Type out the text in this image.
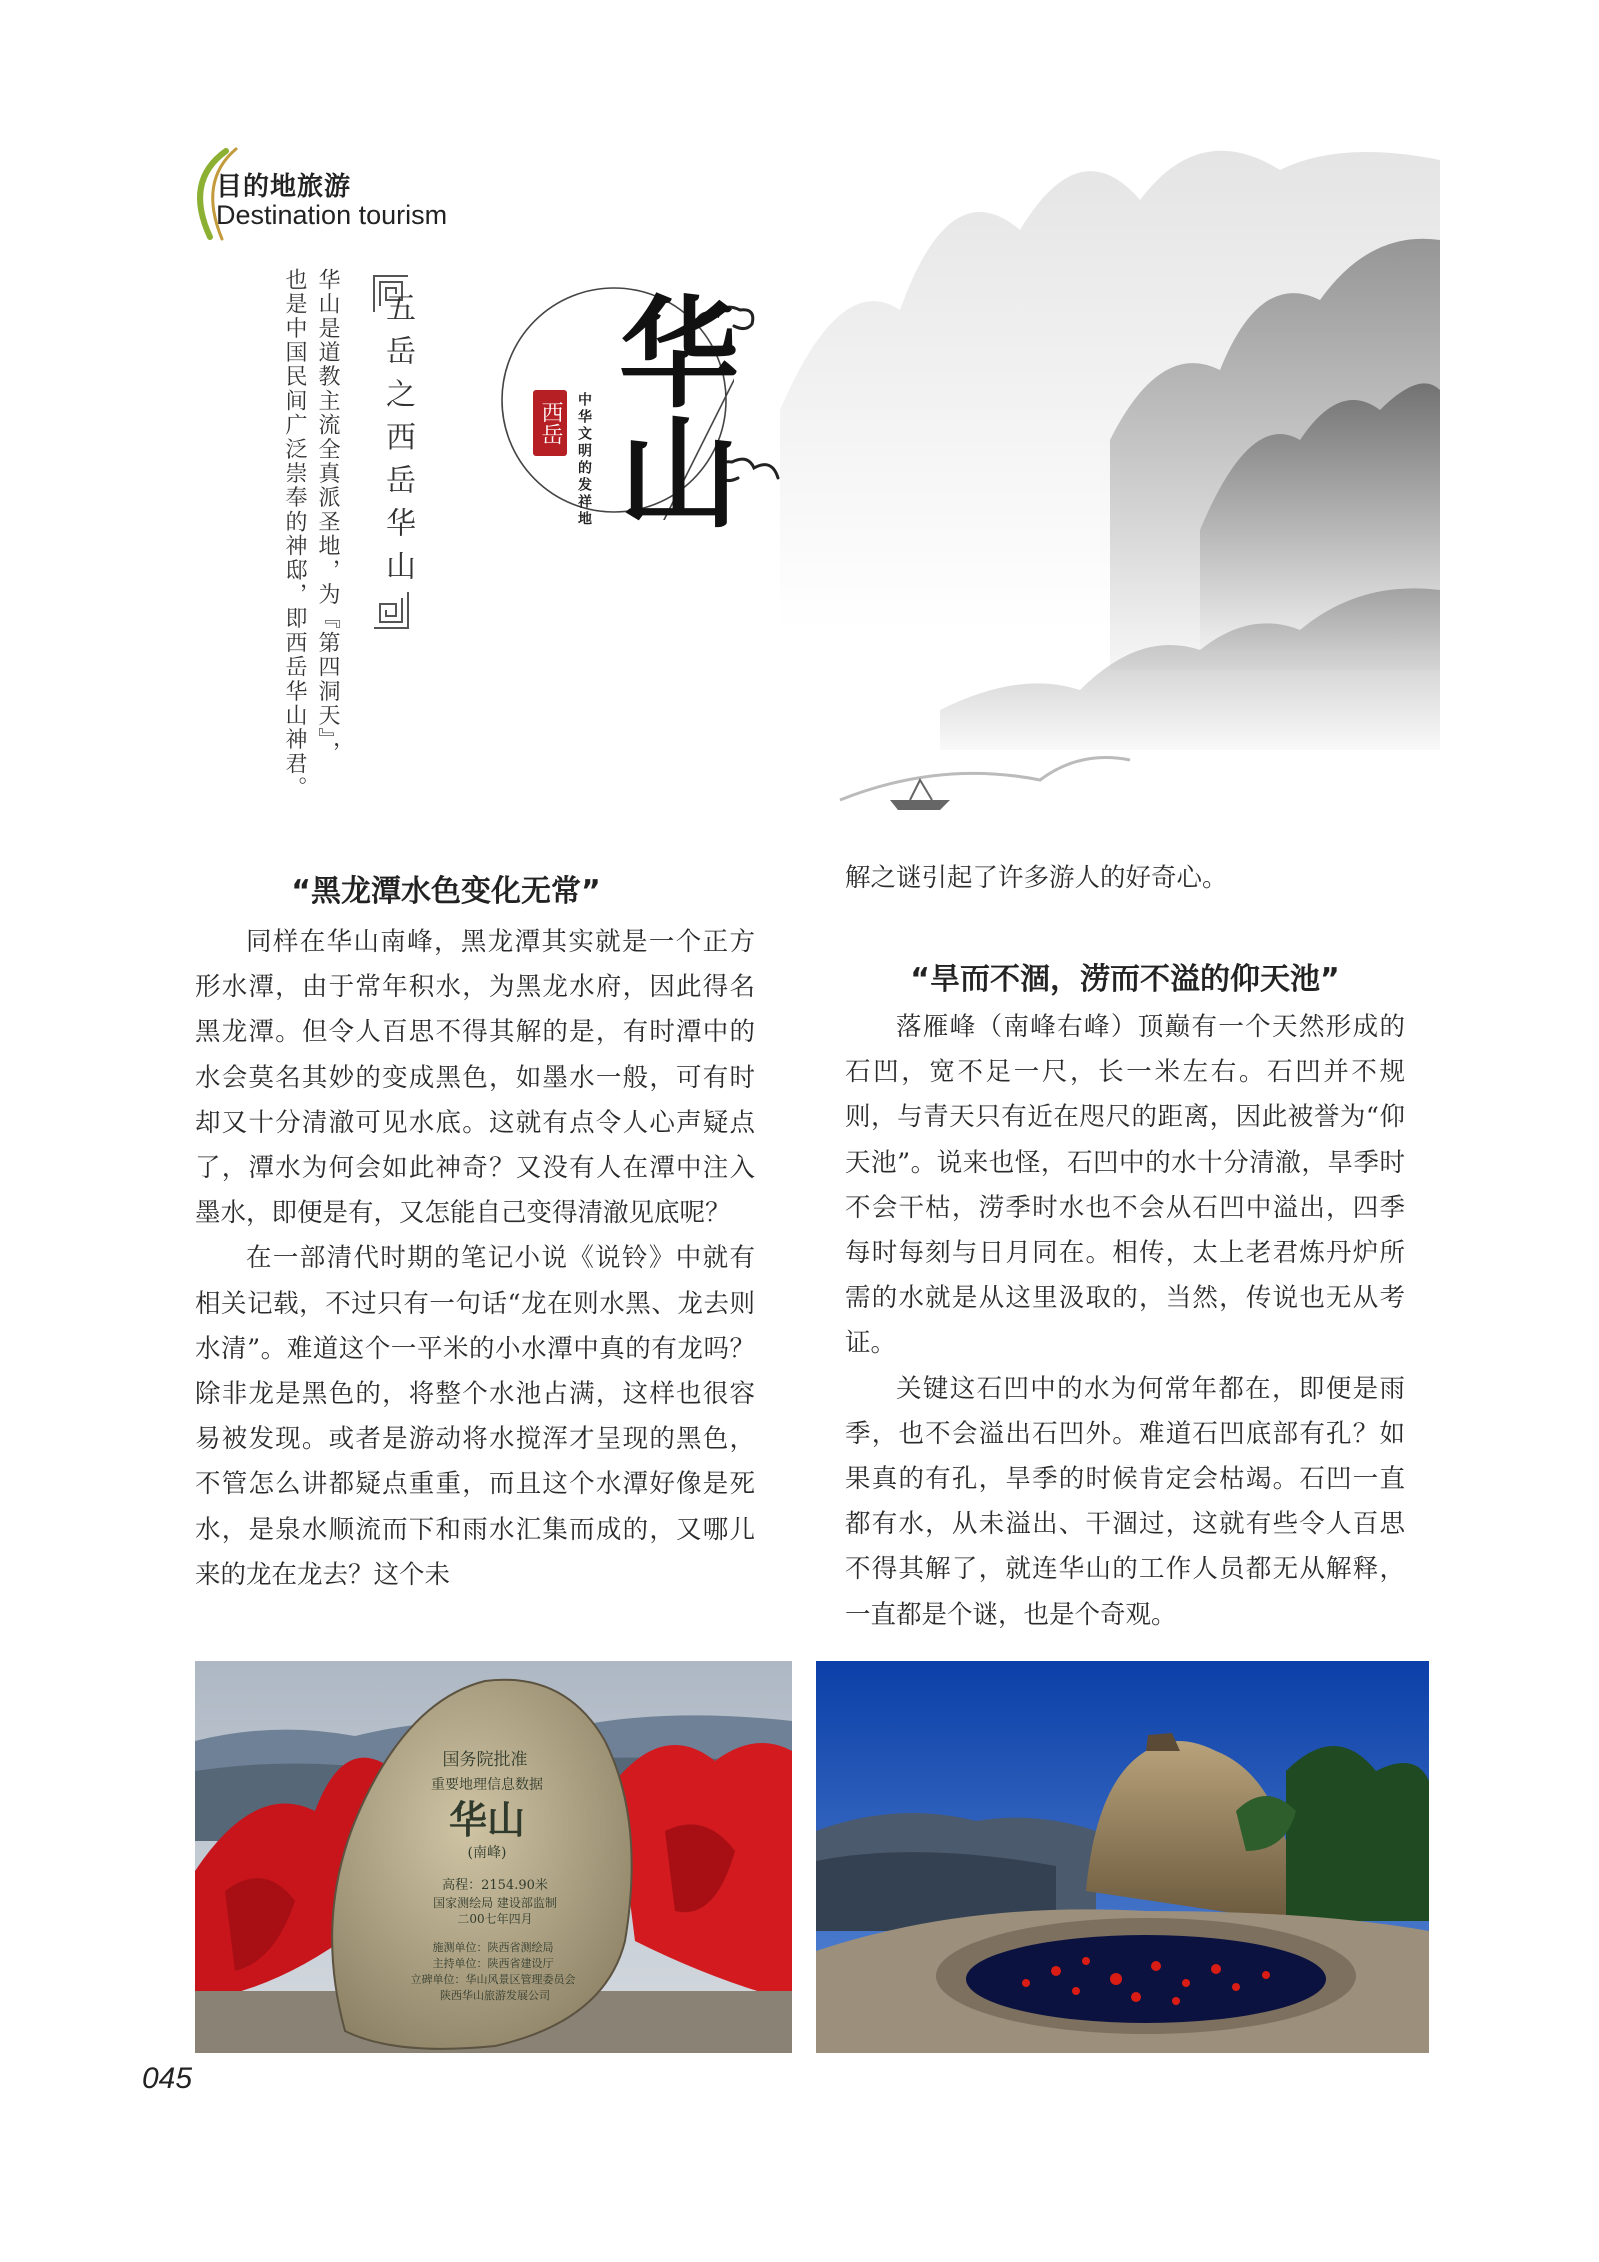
目的地旅游
Destination tourism
华山是道教主流全真派圣地，为『第四洞天』，
也是中国民间广泛崇奉的神邸，即西岳华山神君。 五岳之西岳华山 华山
西岳 中华文明的发祥地
“黑龙潭水色变化无常”

同样在华山南峰，黑龙潭其实就是一个正方形水潭，由于常年积水，为黑龙水府，因此得名黑龙潭。但令人百思不得其解的是，有时潭中的水会莫名其妙的变成黑色，如墨水一般，可有时却又十分清澈可见水底。这就有点令人心声疑点了，潭水为何会如此神奇？又没有人在潭中注入墨水，即便是有，又怎能自己变得清澈见底呢？

在一部清代时期的笔记小说《说铃》中就有相关记载，不过只有一句话“龙在则水黑、龙去则水清”。难道这个一平米的小水潭中真的有龙吗？除非龙是黑色的，将整个水池占满，这样也很容易被发现。或者是游动将水搅浑才呈现的黑色，不管怎么讲都疑点重重，而且这个水潭好像是死水，是泉水顺流而下和雨水汇集而成的，又哪儿来的龙在龙去？这个未

解之谜引起了许多游人的好奇心。
“旱而不涸，涝而不溢的仰天池”

落雁峰（南峰右峰）顶巅有一个天然形成的石凹，宽不足一尺，长一米左右。石凹并不规则，与青天只有近在咫尺的距离，因此被誉为“仰天池”。说来也怪，石凹中的水十分清澈，旱季时不会干枯，涝季时水也不会从石凹中溢出，四季每时每刻与日月同在。相传，太上老君炼丹炉所需的水就是从这里汲取的，当然，传说也无从考证。

关键这石凹中的水为何常年都在，即便是雨季，也不会溢出石凹外。难道石凹底部有孔？如果真的有孔，旱季的时候肯定会枯竭。石凹一直都有水，从未溢出、干涸过，这就有些令人百思不得其解了，就连华山的工作人员都无从解释，一直都是个谜，也是个奇观。

国务院批准
重要地理信息数据
华山
(南峰)
高程：2154.90米
国家测绘局 建设部监制
二00七年四月
施测单位：陕西省测绘局
主持单位：陕西省建设厅
立碑单位：华山风景区管理委员会
陕西华山旅游发展公司
045
